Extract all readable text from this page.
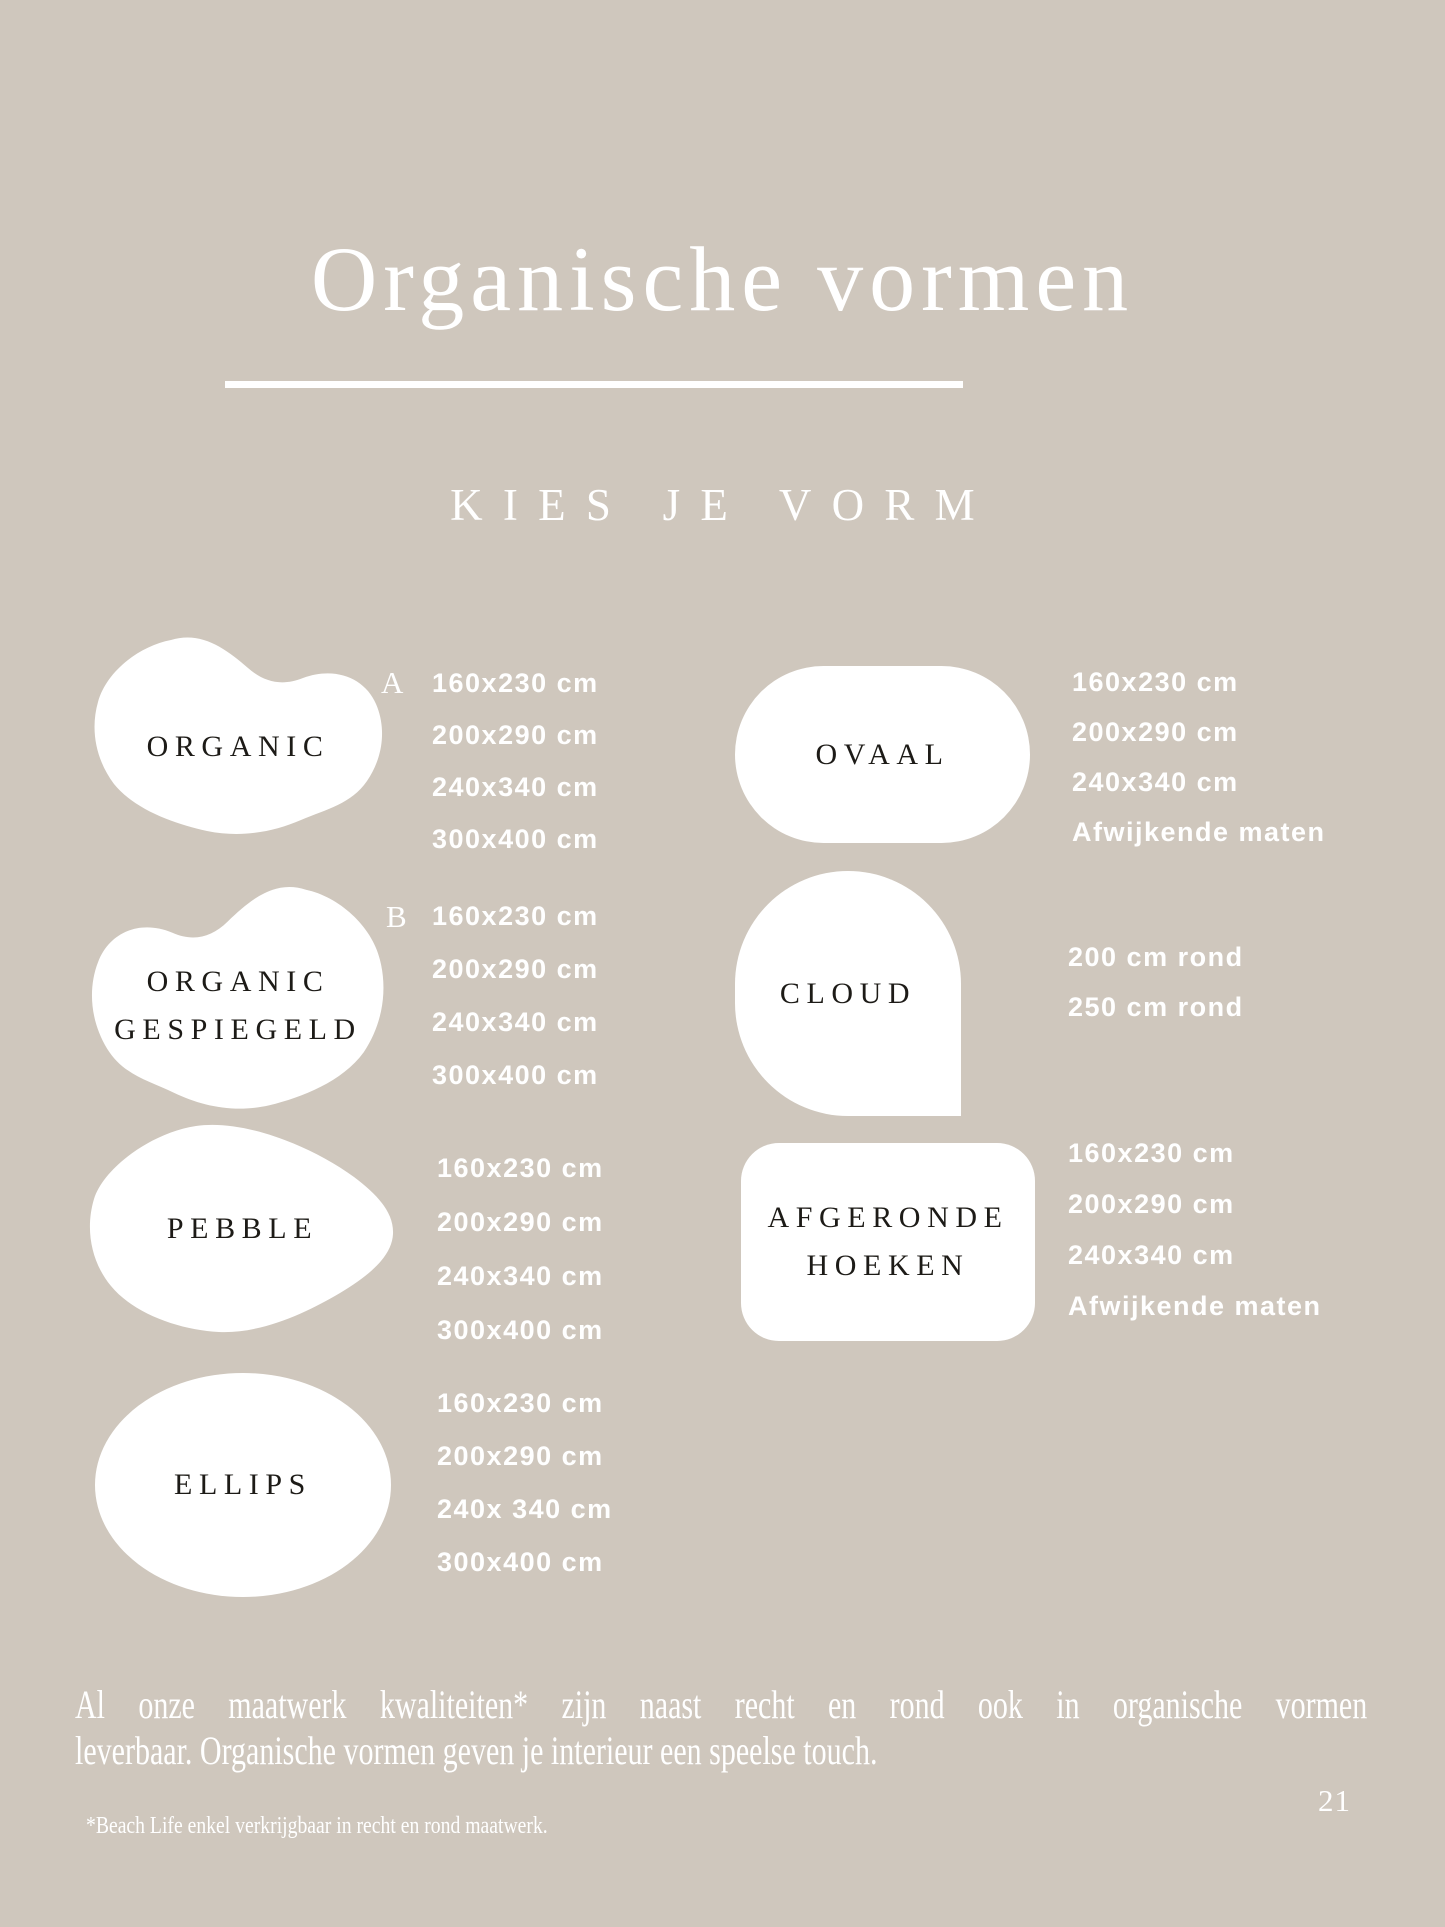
Organische vormen
KIES JE VORM
ORGANIC
A 160x230 cm
200x290 cm
240x340 cm
300x400 cm
ORGANIC
GESPIEGELD
B 160x230 cm
200x290 cm
240x340 cm
300x400 cm
PEBBLE
160x230 cm
200x290 cm
240x340 cm
300x400 cm
ELLIPS
160x230 cm
200x290 cm
240x 340 cm
300x400 cm
OVAAL
160x230 cm
200x290 cm
240x340 cm
Afwijkende maten
CLOUD
200 cm rond
250 cm rond
AFGERONDE
HOEKEN
160x230 cm
200x290 cm
240x340 cm
Afwijkende maten
Al onze maatwerk kwaliteiten* zijn naast recht en rond ook in organische vormen
leverbaar. Organische vormen geven je interieur een speelse touch.
*Beach Life enkel verkrijgbaar in recht en rond maatwerk.
21
